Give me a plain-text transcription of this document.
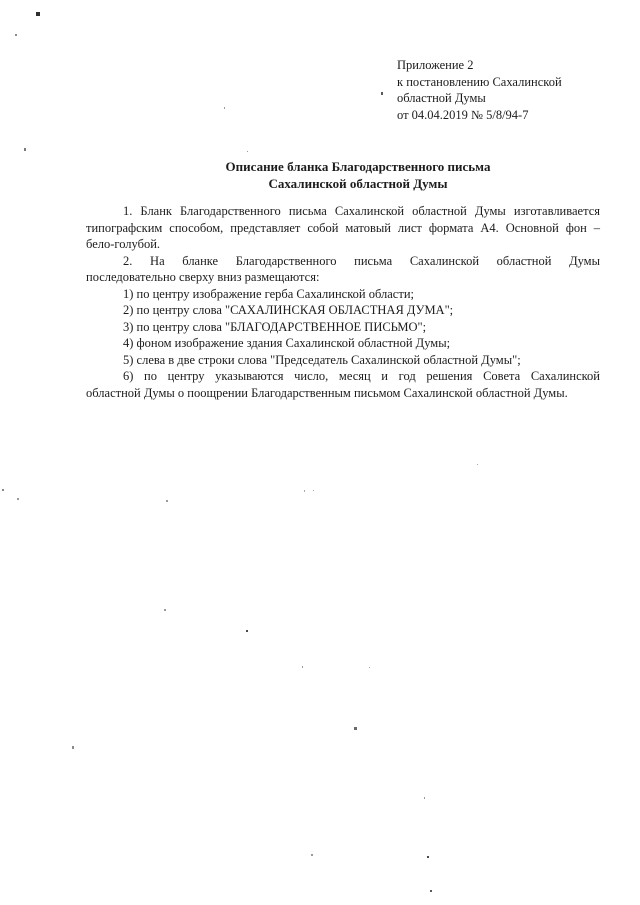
Приложение 2
к постановлению Сахалинской
областной Думы
от 04.04.2019 № 5/8/94-7
Описание бланка Благодарственного письма
Сахалинской областной Думы
1. Бланк Благодарственного письма Сахалинской областной Думы изготавливается
типографским способом, представляет собой матовый лист формата А4. Основной фон –
бело-голубой.
2. На бланке Благодарственного письма Сахалинской областной Думы
последовательно сверху вниз размещаются:
1) по центру изображение герба Сахалинской области;
2) по центру слова "САХАЛИНСКАЯ ОБЛАСТНАЯ ДУМА";
3) по центру слова "БЛАГОДАРСТВЕННОЕ ПИСЬМО";
4) фоном изображение здания Сахалинской областной Думы;
5) слева в две строки слова "Председатель Сахалинской областной Думы";
6) по центру указываются число, месяц и год решения Совета Сахалинской
областной Думы о поощрении Благодарственным письмом Сахалинской областной Думы.
